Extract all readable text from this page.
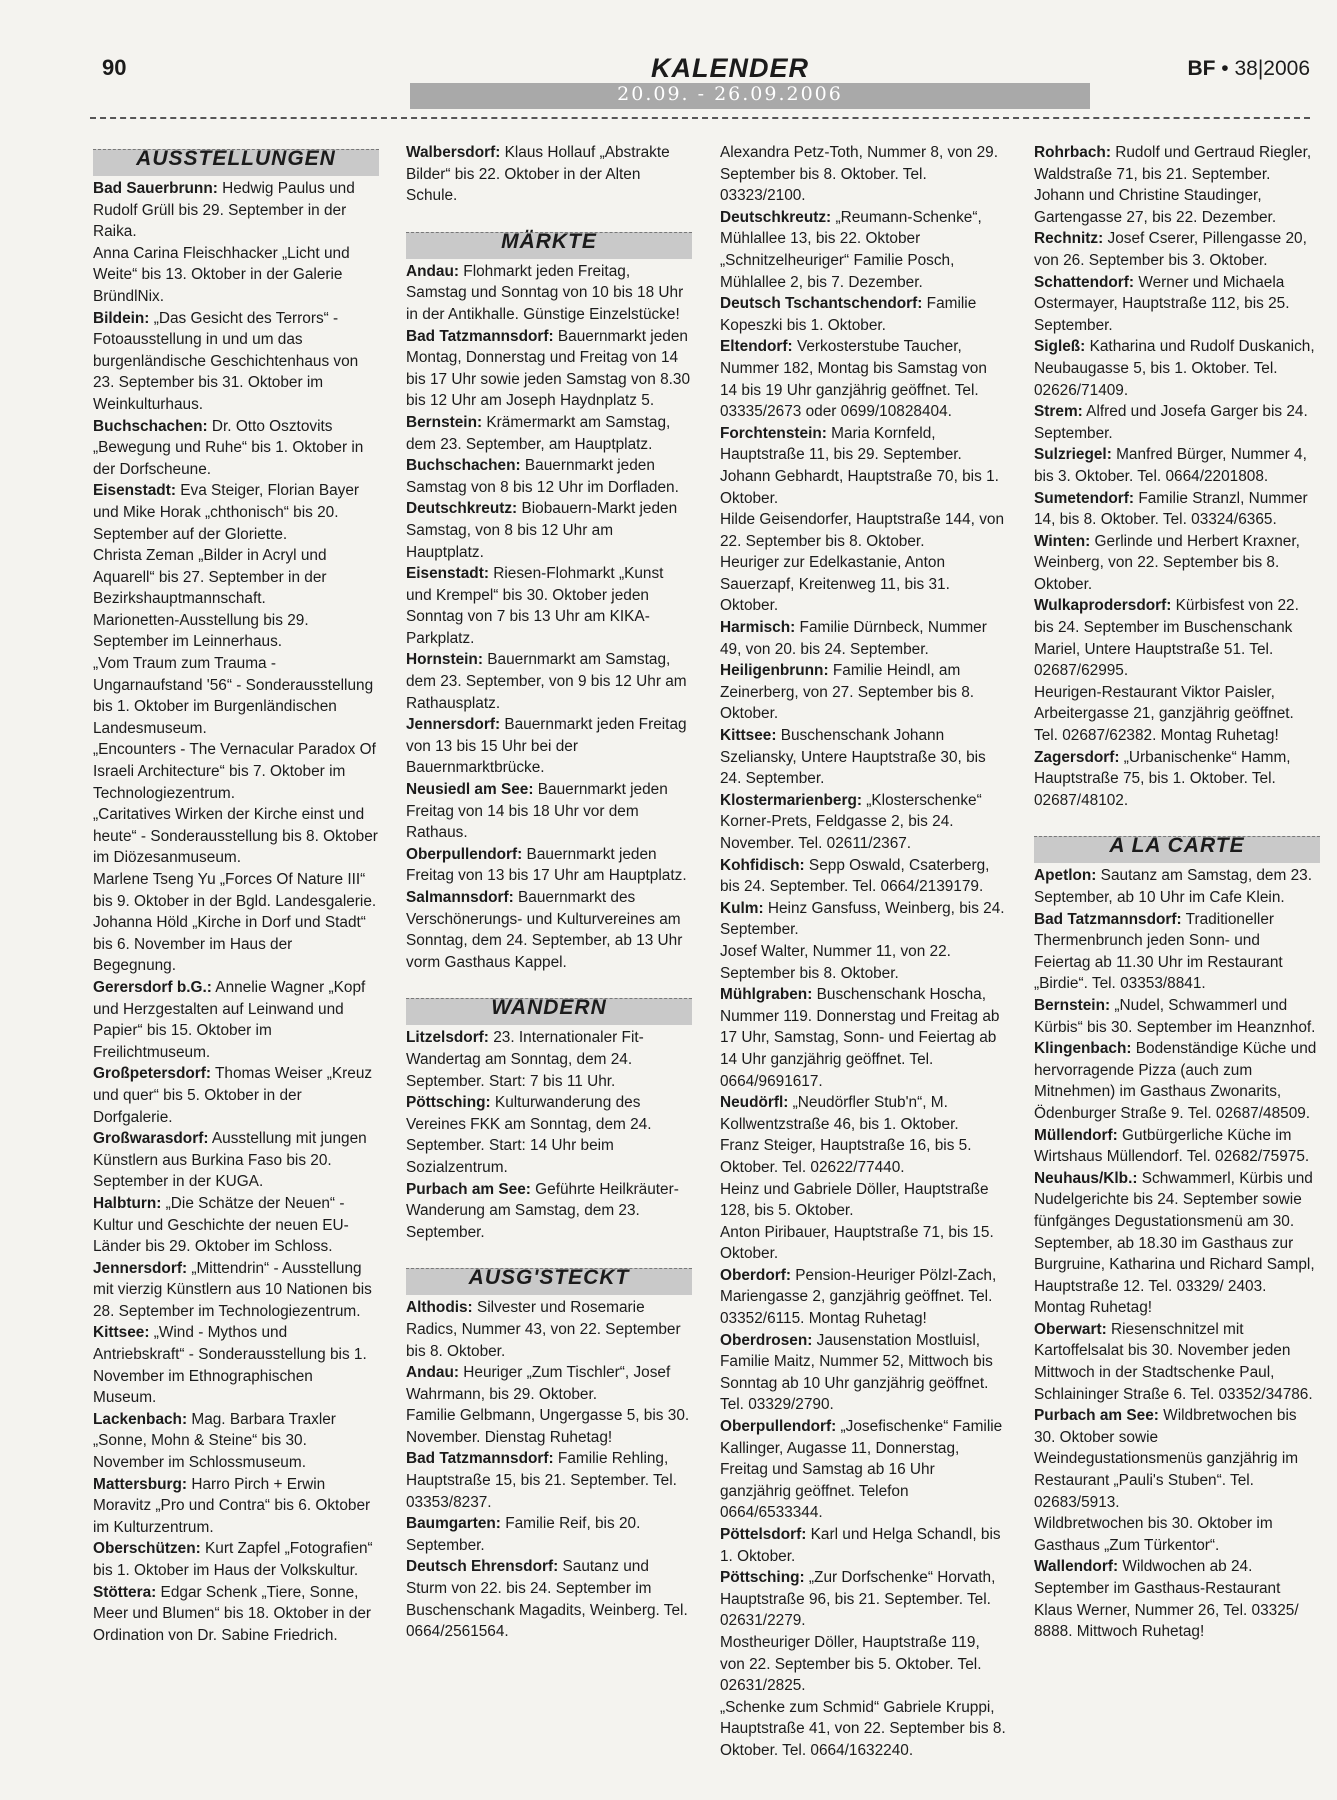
90	KALENDER
20.09. - 26.09.2006
BF • 38|2006
AUSSTELLUNGEN

Bad Sauerbrunn: Hedwig Paulus und Rudolf Grüll bis 29. September in der Raika.

Anna Carina Fleischhacker „Licht und Weite“ bis 13. Oktober in der Galerie BründlNix.

Bildein: „Das Gesicht des Terrors“ - Fotoausstellung in und um das burgenländische Geschichtenhaus von 23. September bis 31. Oktober im Weinkulturhaus.

Buchschachen: Dr. Otto Osztovits „Bewegung und Ruhe“ bis 1. Oktober in der Dorfscheune.

Eisenstadt: Eva Steiger, Florian Bayer und Mike Horak „chthonisch“ bis 20. September auf der Gloriette.

Christa Zeman „Bilder in Acryl und Aquarell“ bis 27. September in der Bezirkshauptmannschaft.

Marionetten-Ausstellung bis 29. September im Leinnerhaus.

„Vom Traum zum Trauma - Ungarnaufstand '56“ - Sonderausstellung bis 1. Oktober im Burgenländischen Landesmuseum.

„Encounters - The Vernacular Paradox Of Israeli Architecture“ bis 7. Oktober im Technologiezentrum.

„Caritatives Wirken der Kirche einst und heute“ - Sonderausstellung bis 8. Oktober im Diözesanmuseum.

Marlene Tseng Yu „Forces Of Nature III“ bis 9. Oktober in der Bgld. Landesgalerie.

Johanna Höld „Kirche in Dorf und Stadt“ bis 6. November im Haus der Begegnung.

Gerersdorf b.G.: Annelie Wagner „Kopf und Herzgestalten auf Leinwand und Papier“ bis 15. Oktober im Freilichtmuseum.

Großpetersdorf: Thomas Weiser „Kreuz und quer“ bis 5. Oktober in der Dorfgalerie.

Großwarasdorf: Ausstellung mit jungen Künstlern aus Burkina Faso bis 20. September in der KUGA.

Halbturn: „Die Schätze der Neuen“ - Kultur und Geschichte der neuen EU-Länder bis 29. Oktober im Schloss.

Jennersdorf: „Mittendrin“ - Ausstellung mit vierzig Künstlern aus 10 Nationen bis 28. September im Technologiezentrum.

Kittsee: „Wind - Mythos und Antriebskraft“ - Sonderausstellung bis 1. November im Ethnographischen Museum.

Lackenbach: Mag. Barbara Traxler „Sonne, Mohn & Steine“ bis 30. November im Schlossmuseum.

Mattersburg: Harro Pirch + Erwin Moravitz „Pro und Contra“ bis 6. Oktober im Kulturzentrum.

Oberschützen: Kurt Zapfel „Fotografien“ bis 1. Oktober im Haus der Volkskultur.

Stöttera: Edgar Schenk „Tiere, Sonne, Meer und Blumen“ bis 18. Oktober in der Ordination von Dr. Sabine Friedrich.

Walbersdorf: Klaus Hollauf „Abstrakte Bilder“ bis 22. Oktober in der Alten Schule.

MÄRKTE

Andau: Flohmarkt jeden Freitag, Samstag und Sonntag von 10 bis 18 Uhr in der Antikhalle. Günstige Einzelstücke!

Bad Tatzmannsdorf: Bauernmarkt jeden Montag, Donnerstag und Freitag von 14 bis 17 Uhr sowie jeden Samstag von 8.30 bis 12 Uhr am Joseph Haydnplatz 5.

Bernstein: Krämermarkt am Samstag, dem 23. September, am Hauptplatz.

Buchschachen: Bauernmarkt jeden Samstag von 8 bis 12 Uhr im Dorfladen.

Deutschkreutz: Biobauern-Markt jeden Samstag, von 8 bis 12 Uhr am Hauptplatz.

Eisenstadt: Riesen-Flohmarkt „Kunst und Krempel“ bis 30. Oktober jeden Sonntag von 7 bis 13 Uhr am KIKA-Parkplatz.

Hornstein: Bauernmarkt am Samstag, dem 23. September, von 9 bis 12 Uhr am Rathausplatz.

Jennersdorf: Bauernmarkt jeden Freitag von 13 bis 15 Uhr bei der Bauernmarktbrücke.

Neusiedl am See: Bauernmarkt jeden Freitag von 14 bis 18 Uhr vor dem Rathaus.

Oberpullendorf: Bauernmarkt jeden Freitag von 13 bis 17 Uhr am Hauptplatz.

Salmannsdorf: Bauernmarkt des Verschönerungs- und Kulturvereines am Sonntag, dem 24. September, ab 13 Uhr vorm Gasthaus Kappel.

WANDERN

Litzelsdorf: 23. Internationaler Fit-Wandertag am Sonntag, dem 24. September. Start: 7 bis 11 Uhr.

Pöttsching: Kulturwanderung des Vereines FKK am Sonntag, dem 24. September. Start: 14 Uhr beim Sozialzentrum.

Purbach am See: Geführte Heilkräuter-Wanderung am Samstag, dem 23. September.

AUSG'STECKT

Althodis: Silvester und Rosemarie Radics, Nummer 43, von 22. September bis 8. Oktober.

Andau: Heuriger „Zum Tischler“, Josef Wahrmann, bis 29. Oktober.

Familie Gelbmann, Ungergasse 5, bis 30. November. Dienstag Ruhetag!

Bad Tatzmannsdorf: Familie Rehling, Hauptstraße 15, bis 21. September. Tel. 03353/8237.

Baumgarten: Familie Reif, bis 20. September.

Deutsch Ehrensdorf: Sautanz und Sturm von 22. bis 24. September im Buschenschank Magadits, Weinberg. Tel. 0664/2561564.

Alexandra Petz-Toth, Nummer 8, von 29. September bis 8. Oktober. Tel. 03323/2100.

Deutschkreutz: „Reumann-Schenke“, Mühlallee 13, bis 22. Oktober

„Schnitzelheuriger“ Familie Posch, Mühlallee 2, bis 7. Dezember.

Deutsch Tschantschendorf: Familie Kopeszki bis 1. Oktober.

Eltendorf: Verkosterstube Taucher, Nummer 182, Montag bis Samstag von 14 bis 19 Uhr ganzjährig geöffnet. Tel. 03335/2673 oder 0699/10828404.

Forchtenstein: Maria Kornfeld, Hauptstraße 11, bis 29. September.

Johann Gebhardt, Hauptstraße 70, bis 1. Oktober.

Hilde Geisendorfer, Hauptstraße 144, von 22. September bis 8. Oktober.

Heuriger zur Edelkastanie, Anton Sauerzapf, Kreitenweg 11, bis 31. Oktober.

Harmisch: Familie Dürnbeck, Nummer 49, von 20. bis 24. September.

Heiligenbrunn: Familie Heindl, am Zeinerberg, von 27. September bis 8. Oktober.

Kittsee: Buschenschank Johann Szeliansky, Untere Hauptstraße 30, bis 24. September.

Klostermarienberg: „Klosterschenke“ Korner-Prets, Feldgasse 2, bis 24. November. Tel. 02611/2367.

Kohfidisch: Sepp Oswald, Csaterberg, bis 24. September. Tel. 0664/2139179.

Kulm: Heinz Gansfuss, Weinberg, bis 24. September.

Josef Walter, Nummer 11, von 22. September bis 8. Oktober.

Mühlgraben: Buschenschank Hoscha, Nummer 119. Donnerstag und Freitag ab 17 Uhr, Samstag, Sonn- und Feiertag ab 14 Uhr ganzjährig geöffnet. Tel. 0664/9691617.

Neudörfl: „Neudörfler Stub'n“, M. Kollwentzstraße 46, bis 1. Oktober.

Franz Steiger, Hauptstraße 16, bis 5. Oktober. Tel. 02622/77440.

Heinz und Gabriele Döller, Hauptstraße 128, bis 5. Oktober.

Anton Piribauer, Hauptstraße 71, bis 15. Oktober.

Oberdorf: Pension-Heuriger Pölzl-Zach, Mariengasse 2, ganzjährig geöffnet. Tel. 03352/6115. Montag Ruhetag!

Oberdrosen: Jausenstation Mostluisl, Familie Maitz, Nummer 52, Mittwoch bis Sonntag ab 10 Uhr ganzjährig geöffnet. Tel. 03329/2790.

Oberpullendorf: „Josefischenke“ Familie Kallinger, Augasse 11, Donnerstag, Freitag und Samstag ab 16 Uhr ganzjährig geöffnet. Telefon 0664/6533344.

Pöttelsdorf: Karl und Helga Schandl, bis 1. Oktober.

Pöttsching: „Zur Dorfschenke“ Horvath, Hauptstraße 96, bis 21. September. Tel. 02631/2279.

Mostheuriger Döller, Hauptstraße 119, von 22. September bis 5. Oktober. Tel. 02631/2825.

„Schenke zum Schmid“ Gabriele Kruppi, Hauptstraße 41, von 22. September bis 8. Oktober. Tel. 0664/1632240.

Rohrbach: Rudolf und Gertraud Riegler, Waldstraße 71, bis 21. September.

Johann und Christine Staudinger, Gartengasse 27, bis 22. Dezember.

Rechnitz: Josef Cserer, Pillengasse 20, von 26. September bis 3. Oktober.

Schattendorf: Werner und Michaela Ostermayer, Hauptstraße 112, bis 25. September.

Sigleß: Katharina und Rudolf Duskanich, Neubaugasse 5, bis 1. Oktober. Tel. 02626/71409.

Strem: Alfred und Josefa Garger bis 24. September.

Sulzriegel: Manfred Bürger, Nummer 4, bis 3. Oktober. Tel. 0664/2201808.

Sumetendorf: Familie Stranzl, Nummer 14, bis 8. Oktober. Tel. 03324/6365.

Winten: Gerlinde und Herbert Kraxner, Weinberg, von 22. September bis 8. Oktober.

Wulkaprodersdorf: Kürbisfest von 22. bis 24. September im Buschenschank Mariel, Untere Hauptstraße 51. Tel. 02687/62995.

Heurigen-Restaurant Viktor Paisler, Arbeitergasse 21, ganzjährig geöffnet. Tel. 02687/62382. Montag Ruhetag!

Zagersdorf: „Urbanischenke“ Hamm, Hauptstraße 75, bis 1. Oktober. Tel. 02687/48102.

A LA CARTE

Apetlon: Sautanz am Samstag, dem 23. September, ab 10 Uhr im Cafe Klein.

Bad Tatzmannsdorf: Traditioneller Thermenbrunch jeden Sonn- und Feiertag ab 11.30 Uhr im Restaurant „Birdie“. Tel. 03353/8841.

Bernstein: „Nudel, Schwammerl und Kürbis“ bis 30. September im Heanznhof.

Klingenbach: Bodenständige Küche und hervorragende Pizza (auch zum Mitnehmen) im Gasthaus Zwonarits, Ödenburger Straße 9. Tel. 02687/48509.

Müllendorf: Gutbürgerliche Küche im Wirtshaus Müllendorf. Tel. 02682/75975.

Neuhaus/Klb.: Schwammerl, Kürbis und Nudelgerichte bis 24. September sowie fünfgänges Degustationsmenü am 30. September, ab 18.30 im Gasthaus zur Burgruine, Katharina und Richard Sampl, Hauptstraße 12. Tel. 03329/ 2403. Montag Ruhetag!

Oberwart: Riesenschnitzel mit Kartoffelsalat bis 30. November jeden Mittwoch in der Stadtschenke Paul, Schlaininger Straße 6. Tel. 03352/34786.

Purbach am See: Wildbretwochen bis 30. Oktober sowie Weindegustationsmenüs ganzjährig im Restaurant „Pauli's Stuben“. Tel. 02683/5913.

Wildbretwochen bis 30. Oktober im Gasthaus „Zum Türkentor“.

Wallendorf: Wildwochen ab 24. September im Gasthaus-Restaurant Klaus Werner, Nummer 26, Tel. 03325/ 8888. Mittwoch Ruhetag!
